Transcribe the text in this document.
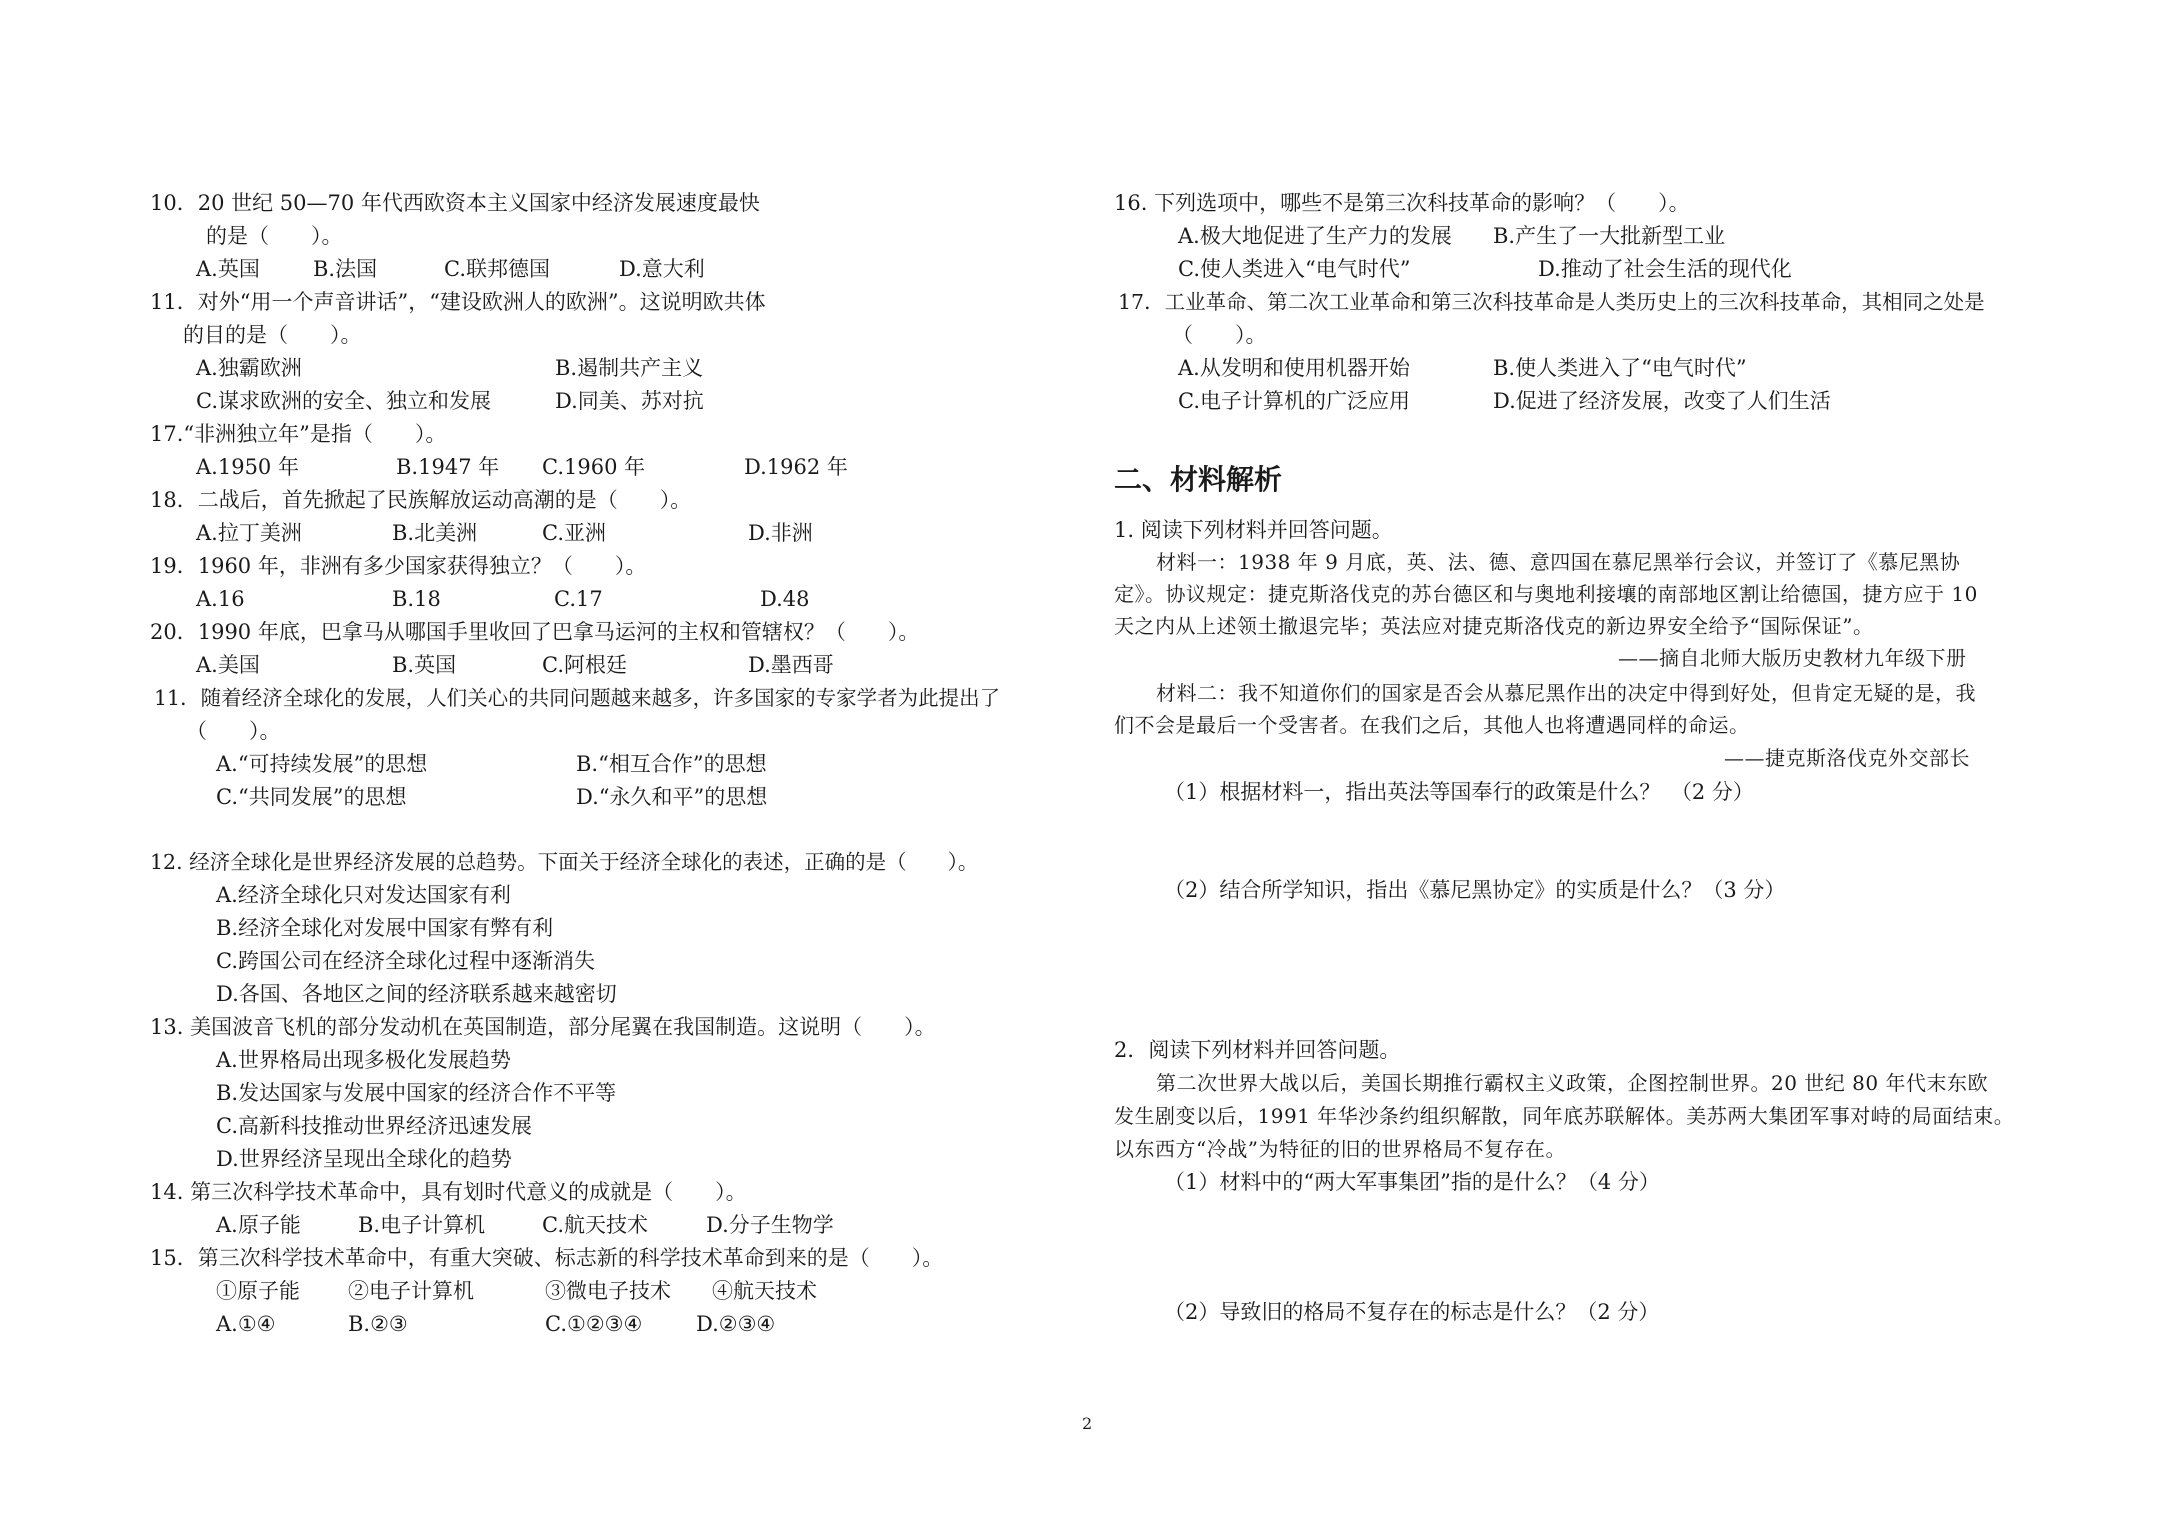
10．20 世纪 50—70 年代西欧资本主义国家中经济发展速度最快
的是（　　）。
A.英国	B.法国	C.联邦德国	D.意大利
11．对外“用一个声音讲话”，“建设欧洲人的欧洲”。这说明欧共体
的目的是（　　）。
A.独霸欧洲	B.遏制共产主义
C.谋求欧洲的安全、独立和发展	D.同美、苏对抗
17.“非洲独立年”是指（　　）。
A.1950 年	B.1947 年 C.1960 年	D.1962 年
18．二战后，首先掀起了民族解放运动高潮的是（　　）。
A.拉丁美洲	B.北美洲	C.亚洲	D.非洲
19．1960 年，非洲有多少国家获得独立？（　　）。
A.16	B.18	C.17	D.48
20．1990 年底，巴拿马从哪国手里收回了巴拿马运河的主权和管辖权？（　　）。
A.美国	B.英国	C.阿根廷	D.墨西哥
11．随着经济全球化的发展，人们关心的共同问题越来越多，许多国家的专家学者为此提出了
（　　）。
A.“可持续发展”的思想	B.“相互合作”的思想
C.“共同发展”的思想	D.“永久和平”的思想
12. 经济全球化是世界经济发展的总趋势。下面关于经济全球化的表述，正确的是（　　）。
A.经济全球化只对发达国家有利
B.经济全球化对发展中国家有弊有利
C.跨国公司在经济全球化过程中逐渐消失
D.各国、各地区之间的经济联系越来越密切
13. 美国波音飞机的部分发动机在英国制造，部分尾翼在我国制造。这说明（　　）。
A.世界格局出现多极化发展趋势
B.发达国家与发展中国家的经济合作不平等
C.高新科技推动世界经济迅速发展
D.世界经济呈现出全球化的趋势
14. 第三次科学技术革命中，具有划时代意义的成就是（　　）。
A.原子能	B.电子计算机	C.航天技术	D.分子生物学
15．第三次科学技术革命中，有重大突破、标志新的科学技术革命到来的是（　　）。
①原子能 ②电子计算机	③微电子技术 ④航天技术
A.①④	B.②③	C.①②③④	D.②③④
16. 下列选项中，哪些不是第三次科技革命的影响？（　　）。
A.极大地促进了生产力的发展 B.产生了一大批新型工业
C.使人类进入“电气时代”	D.推动了社会生活的现代化
17．工业革命、第二次工业革命和第三次科技革命是人类历史上的三次科技革命，其相同之处是
（　　）。
A.从发明和使用机器开始	B.使人类进入了“电气时代”
C.电子计算机的广泛应用	D.促进了经济发展，改变了人们生活
二、材料解析
1. 阅读下列材料并回答问题。
材料一：1938 年 9 月底，英、法、德、意四国在慕尼黑举行会议，并签订了《慕尼黑协
定》。协议规定：捷克斯洛伐克的苏台德区和与奥地利接壤的南部地区割让给德国，捷方应于 10
天之内从上述领土撤退完毕；英法应对捷克斯洛伐克的新边界安全给予“国际保证”。
——摘自北师大版历史教材九年级下册
材料二：我不知道你们的国家是否会从慕尼黑作出的决定中得到好处，但肯定无疑的是，我
们不会是最后一个受害者。在我们之后，其他人也将遭遇同样的命运。
——捷克斯洛伐克外交部长
（1）根据材料一，指出英法等国奉行的政策是什么？　（2 分）
（2）结合所学知识，指出《慕尼黑协定》的实质是什么？（3 分）
2．阅读下列材料并回答问题。
第二次世界大战以后，美国长期推行霸权主义政策，企图控制世界。20 世纪 80 年代末东欧
发生剧变以后，1991 年华沙条约组织解散，同年底苏联解体。美苏两大集团军事对峙的局面结束。
以东西方“冷战”为特征的旧的世界格局不复存在。
（1）材料中的“两大军事集团”指的是什么？（4 分）
（2）导致旧的格局不复存在的标志是什么？（2 分）
2
